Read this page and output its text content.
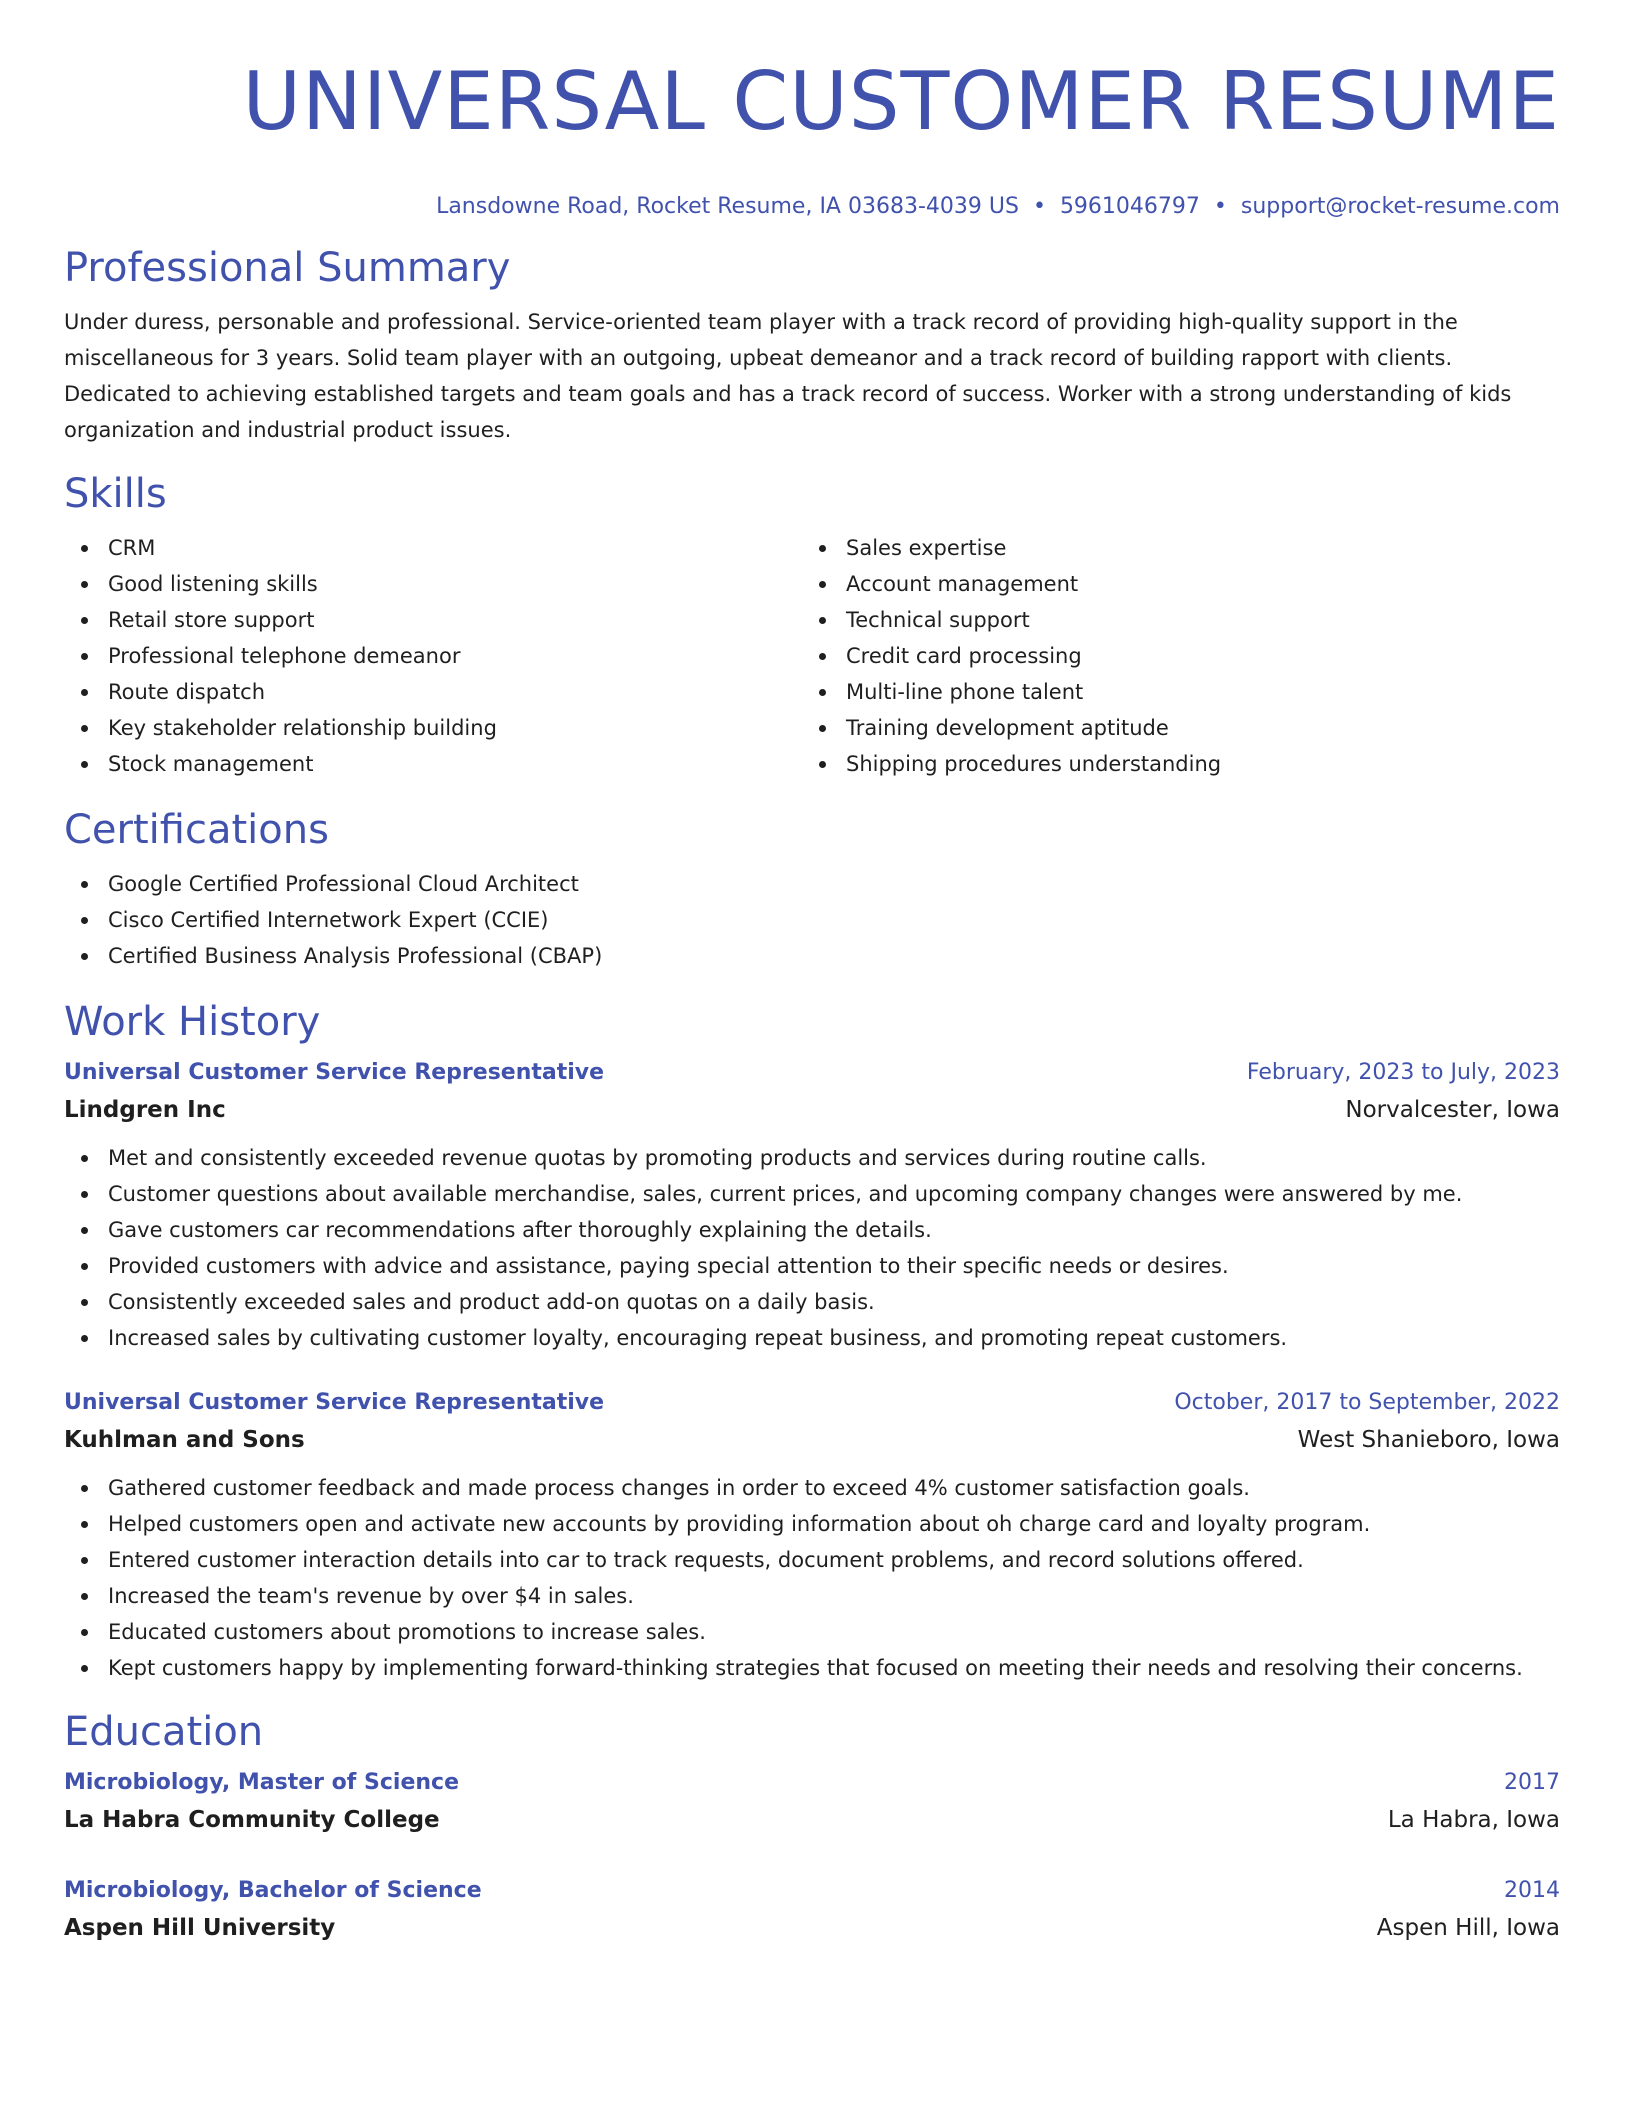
UNIVERSAL CUSTOMER RESUME
Lansdowne Road, Rocket Resume, IA 03683-4039 US • 5961046797 • support@rocket-resume.com
Professional Summary

Under duress, personable and professional. Service-oriented team player with a track record of providing high-quality support in the miscellaneous for 3 years. Solid team player with an outgoing, upbeat demeanor and a track record of building rapport with clients. Dedicated to achieving established targets and team goals and has a track record of success. Worker with a strong understanding of kids organization and industrial product issues.

Skills
CRM
Good listening skills
Retail store support
Professional telephone demeanor
Route dispatch
Key stakeholder relationship building
Stock management
Sales expertise
Account management
Technical support
Credit card processing
Multi-line phone talent
Training development aptitude
Shipping procedures understanding
Certifications
Google Certified Professional Cloud Architect
Cisco Certified Internetwork Expert (CCIE)
Certified Business Analysis Professional (CBAP)
Work History
Universal Customer Service Representative	February, 2023 to July, 2023
Lindgren Inc	Norvalcester, Iowa
Met and consistently exceeded revenue quotas by promoting products and services during routine calls.
Customer questions about available merchandise, sales, current prices, and upcoming company changes were answered by me.
Gave customers car recommendations after thoroughly explaining the details.
Provided customers with advice and assistance, paying special attention to their specific needs or desires.
Consistently exceeded sales and product add-on quotas on a daily basis.
Increased sales by cultivating customer loyalty, encouraging repeat business, and promoting repeat customers.
Universal Customer Service Representative	October, 2017 to September, 2022
Kuhlman and Sons	West Shanieboro, Iowa
Gathered customer feedback and made process changes in order to exceed 4% customer satisfaction goals.
Helped customers open and activate new accounts by providing information about oh charge card and loyalty program.
Entered customer interaction details into car to track requests, document problems, and record solutions offered.
Increased the team's revenue by over $4 in sales.
Educated customers about promotions to increase sales.
Kept customers happy by implementing forward-thinking strategies that focused on meeting their needs and resolving their concerns.
Education
Microbiology, Master of Science	2017
La Habra Community College	La Habra, Iowa
Microbiology, Bachelor of Science	2014
Aspen Hill University	Aspen Hill, Iowa
